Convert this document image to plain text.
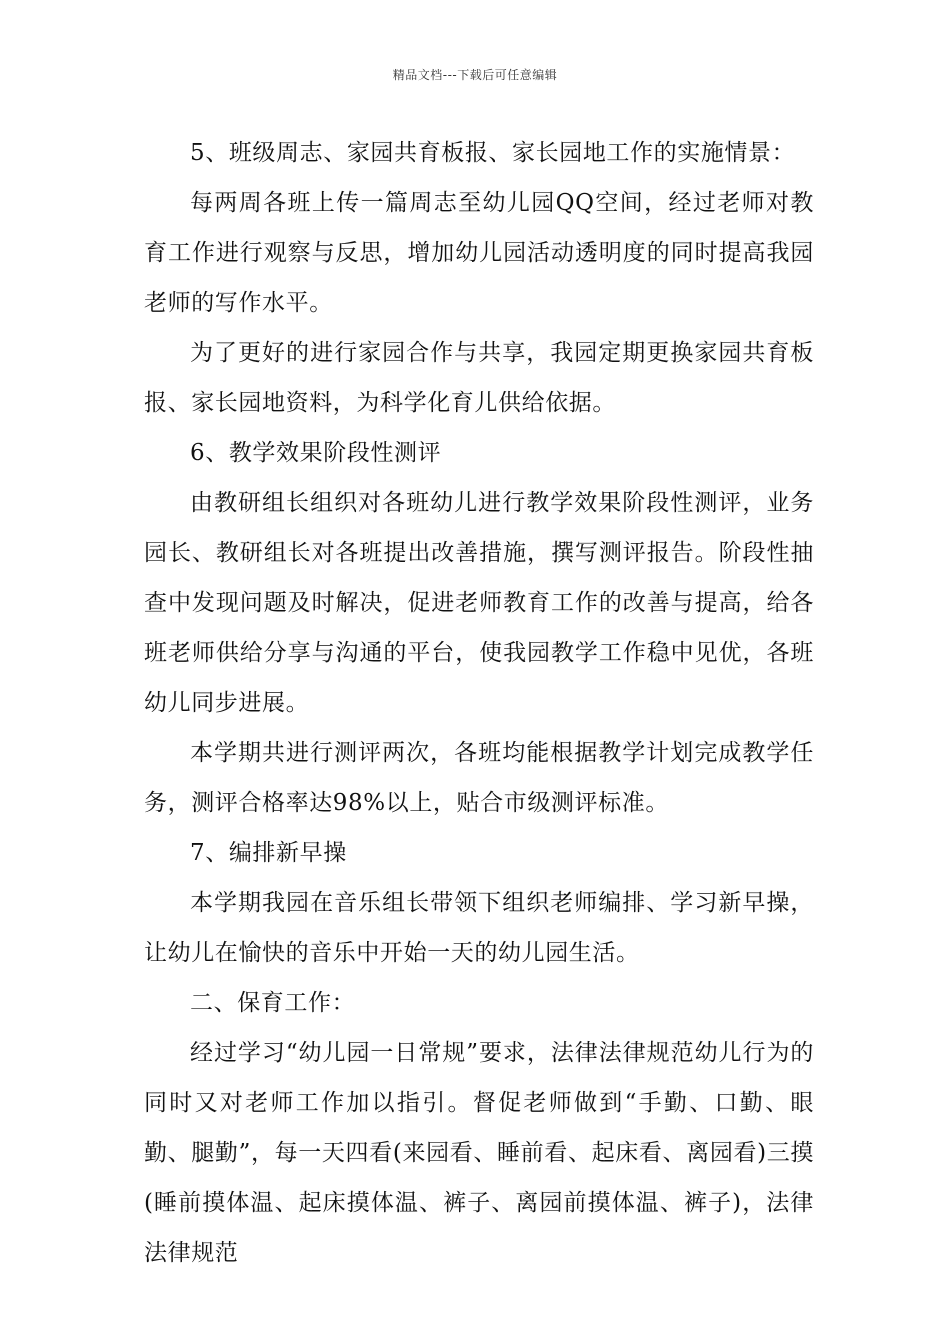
精品文档---下载后可任意编辑

5、班级周志、家园共育板报、家长园地工作的实施情景：

每两周各班上传一篇周志至幼儿园QQ空间，经过老师对教育工作进行观察与反思，增加幼儿园活动透明度的同时提高我园老师的写作水平。

为了更好的进行家园合作与共享，我园定期更换家园共育板报、家长园地资料，为科学化育儿供给依据。

6、教学效果阶段性测评

由教研组长组织对各班幼儿进行教学效果阶段性测评，业务园长、教研组长对各班提出改善措施，撰写测评报告。阶段性抽查中发现问题及时解决，促进老师教育工作的改善与提高，给各班老师供给分享与沟通的平台，使我园教学工作稳中见优，各班幼儿同步进展。

本学期共进行测评两次，各班均能根据教学计划完成教学任务，测评合格率达98%以上，贴合市级测评标准。

7、编排新早操

本学期我园在音乐组长带领下组织老师编排、学习新早操，让幼儿在愉快的音乐中开始一天的幼儿园生活。

二、保育工作：

经过学习“幼儿园一日常规”要求，法律法律规范幼儿行为的同时又对老师工作加以指引。督促老师做到“手勤、口勤、眼勤、腿勤”，每一天四看(来园看、睡前看、起床看、离园看)三摸(睡前摸体温、起床摸体温、裤子、离园前摸体温、裤子)，法律法律规范
